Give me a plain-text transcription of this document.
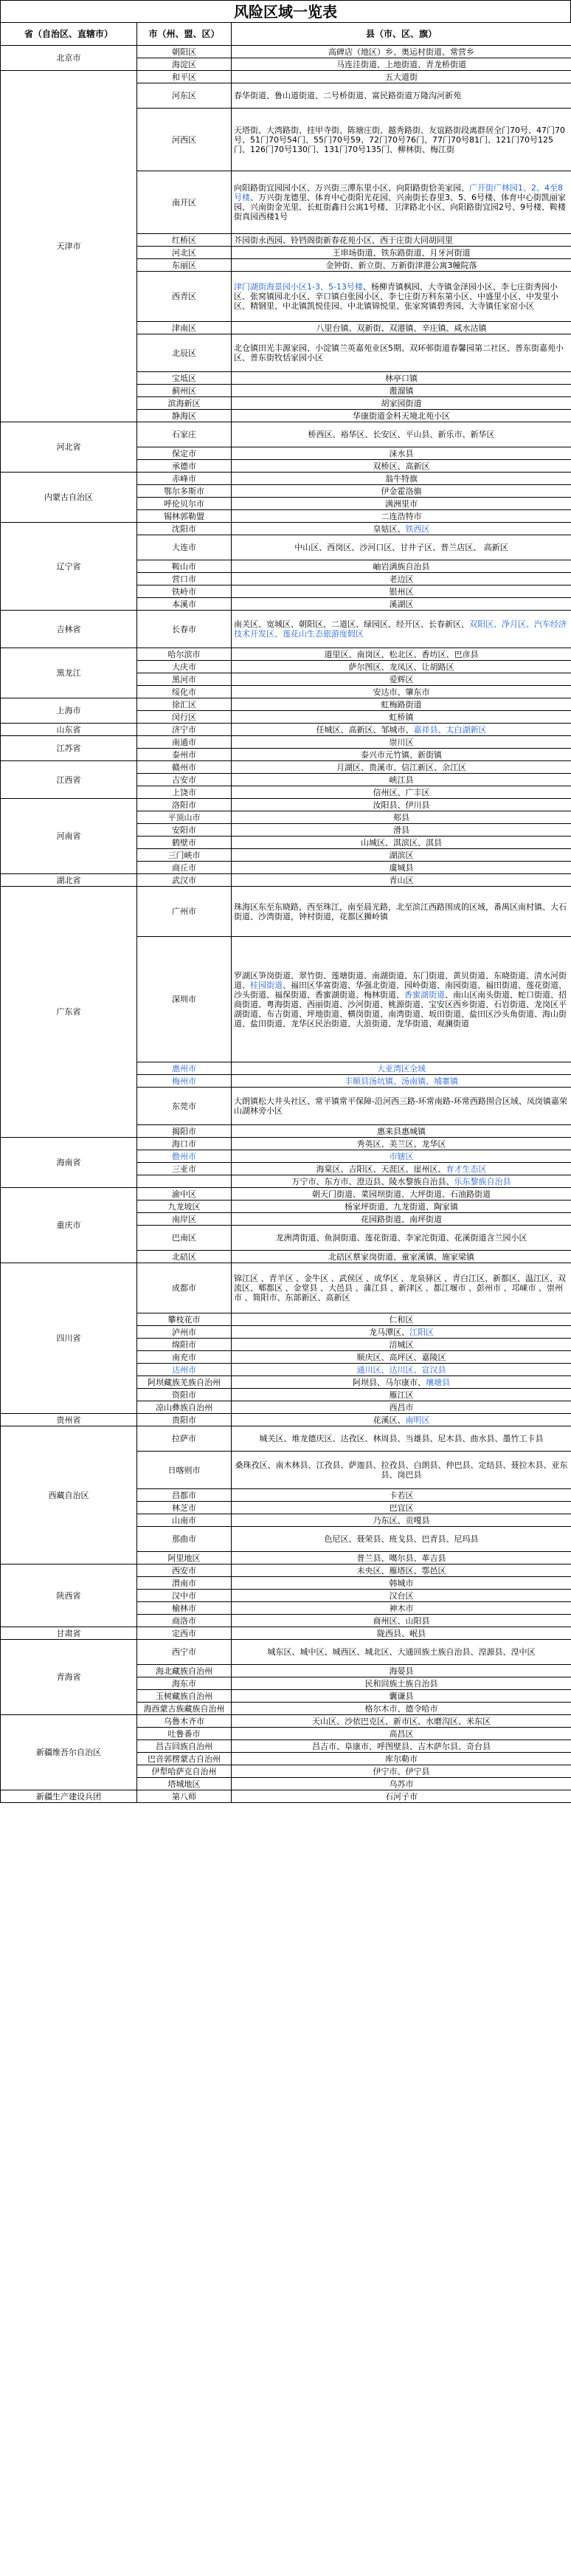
风险区域一览表
省（自治区、直辖市）	市（州、盟、区）	县（市、区、旗）
北京市	朝阳区	高碑店（地区）乡、奥运村街道、常营乡
	海淀区	马连洼街道、上地街道、青龙桥街道
天津市	和平区	五大道街
	河东区	春华街道、鲁山道街道、二号桥街道、富民路街道万隆沟河新苑
	河西区	天塔街、大湾路街、挂甲寺街、陈塘庄街、越秀路街、友谊路街段离群居全门70号、47门70号、51门70号54门、55门70号59、72门70号76门、77门70号81门、121门70号125门、126门70号130门、131门70号135门、柳林街、梅江街
	南开区	向阳路街宜园园小区、万兴街三潭东里小区、向阳路街恰美家园、广开街广林园1、2、4至8号楼、万兴街龙德里、体育中心街阳光花园、兴南街长春里3、5、6号楼、体育中心街凯丽家园、兴南街金光里、长虹街鑫日公寓1号楼、卫津路北小区、向阳路街宜园2号、9号楼、鞍楼街真园西楼1号
	红桥区	芥园街永西园、铃铛阁街新春花苑小区、西于庄街大同胡同里
	河北区	王串场街道、铁东路街道、月牙河街道
	东丽区	金钟街、新立街、万新街津港公寓3幢院落
	西青区	津门湖街海景园小区1-3、5-13号楼、杨柳青镇枫园、大寺镇金泽园小区、李七庄街秀园小区、张窝镇园北小区、辛口镇白张园小区、李七庄街万科东第小区、中盛里小区、中发里小区、精钢里、中北镇凯悦佳园、中北镇锦悦里、张家窝镇碧秀园、大寺镇任家窑小区
	津南区	八里台镇、双新街、双港镇、辛庄镇、咸水沽镇
	北辰区	北仓镇田光丰源家园、小淀镇兰英嘉苑业区5期、双环邨街道春馨园第二社区、普东街嘉苑小区、普东街牧恬家园小区
	宝坻区	林亭口镇
	蓟州区	溵溜镇
	滨海新区	胡家园街道
	静海区	华康街道金科天境北苑小区
河北省	石家庄	桥西区、裕华区、长安区、平山县、新乐市、新华区
	保定市	涞水县
	承德市	双桥区、高新区
内蒙古自治区	赤峰市	翁牛特旗
	鄂尔多斯市	伊金霍洛旗
	呼伦贝尔市	满洲里市
	锡林郭勒盟	二连浩特市
辽宁省	沈阳市	皇姑区、铁西区
	大连市	中山区、西岗区、沙河口区、甘井子区、普兰店区、 高新区
	鞍山市	岫岩满族自治县
	营口市	老边区
	铁岭市	银州区
	本溪市	溪湖区
吉林省	长春市	南关区、宽城区、朝阳区、二道区、绿园区、经开区、长春新区、双阳区、净月区、汽车经济技术开发区、莲花山生态旅游度假区
黑龙江	哈尔滨市	道里区、南岗区、松北区、香坊区、巴彦县
	大庆市	萨尔图区、龙凤区、让胡路区
	黑河市	爱辉区
	绥化市	安达市、肇东市
上海市	徐汇区	虹梅路街道
	闵行区	虹桥镇
山东省	济宁市	任城区、高新区、邹城市、嘉祥县、太白湖新区
江苏省	南通市	崇川区
	泰州市	泰兴市元竹镇、新街镇
江西省	赣州市	月湖区、贵溪市、信江新区、余江区
	吉安市	峡江县
	上饶市	信州区、广丰区
河南省	洛阳市	汝阳县、伊川县
	平顶山市	郏县
	安阳市	滑县
	鹤壁市	山城区、淇滨区、淇县
	三门峡市	湖滨区
	商丘市	虞城县
湖北省	武汉市	青山区
广东省	广州市	珠海区东至东晓路，西至珠江，南至晨光路，北至滨江西路围成的区域，番禺区南村镇、大石街道、沙湾街道，钟村街道，花都区狮岭镇
	深圳市	罗湖区笋岗街道、翠竹街、莲塘街道、南湖街道、东门街道、黄贝街道、东晓街道、清水河街道、桂园街道、福田区华富街道、华强北街道、园岭街道、南园街道、福田街道、莲花街道、沙头街道、福保街道、香蜜湖街道、梅林街道、香蜜湖街道、南山区南头街道、蛇口街道、招商街道、粤海街道、西丽街道、沙河街道、桃源街道、宝安区西乡街道、石岩街道、龙岗区平湖街道、布吉街道、坪地街道、横岗街道、南湾街道、坂田街道、盐田区沙头角街道、海山街道、盐田街道、龙华区民治街道、大浪街道、龙华街道、观澜街道
	惠州市	大亚湾区全域
	梅州市	丰顺县汤坑镇、汤南镇、埔寨镇
	东莞市	大朗镇松大井头社区、常平镇常平保障-沿河西三路-环常南路-环常西路围合区域、凤岗镇嘉荣山湖林旁小区
	揭阳市	惠来县惠城镇
海南省	海口市	秀英区、美兰区、龙华区
	儋州市	市辖区
	三亚市	海棠区、吉阳区、天涯区、崖州区、育才生态区
		万宁市、东方市、澄迈县、陵水黎族自治县、乐东黎族自治县
重庆市	渝中区	朝天门街道、菜园坝街道、大坪街道、石油路街道
	九龙坡区	杨家坪街道、九龙街道、陶家镇
	南岸区	花园路街道、南坪街道
	巴南区	龙洲湾街道、鱼洞街道、莲花街道、李家沱街道、花溪街道含兰园小区
	北碚区	北碚区蔡家岗街道、童家溪镇、施家梁镇
四川省	成都市	锦江区 、青羊区 、金牛区 、武侯区 、成华区 、龙泉驿区 、青白江区、新都区、温江区、双流区、郫都区 、金堂县 、大邑县 、蒲江县 、新津区 、都江堰市 、彭州市 、邛崃市 、崇州市 、简阳市、东部新区、高新区
	攀枝花市	仁和区
	泸州市	龙马潭区、江阳区
	绵阳市	涪城区
	南充市	顺庆区、高坪区、嘉陵区
	达州市	通川区、达川区、宣汉县
	阿坝藏族羌族自治州	阿坝县、马尔康市、壤塘县
	资阳市	雁江区
	凉山彝族自治州	西昌市
贵州省	贵阳市	花溪区、南明区
西藏自治区	拉萨市	城关区、堆龙德庆区、达孜区、林周县、当雄县、尼木县、曲水县、墨竹工卡县
	日喀则市	桑珠孜区、南木林县、江孜县、萨迦县、拉孜县、白朗县、仲巴县、定结县、聂拉木县、亚东县、岗巴县
	昌都市	卡若区
	林芝市	巴宜区
	山南市	乃东区、贡嘎县
	那曲市	色尼区、聂荣县、班戈县、巴青县、尼玛县
	阿里地区	普兰县、噶尔县、革吉县
陕西省	西安市	未央区、雁塔区、鄠邑区
	渭南市	韩城市
	汉中市	汉台区
	榆林市	神木市
	商洛市	商州区、山阳县
甘肃省	定西市	陇西县、岷县
青海省	西宁市	城东区、城中区、城西区、城北区、大通回族土族自治县、湟源县、湟中区
	海北藏族自治州	海晏县
	海东市	民和回族土族自治县
	玉树藏族自治州	囊谦县
	海西蒙古族藏族自治州	格尔木市、德令哈市
新疆维吾尔自治区	乌鲁木齐市	天山区、沙依巴克区、新市区、水磨沟区、米东区
	吐鲁番市	高昌区
	昌吉回族自治州	昌吉市、阜康市、呼图壁县、吉木萨尔县、奇台县
	巴音郭楞蒙古自治州	库尔勒市
	伊犁哈萨克自治州	伊宁市、伊宁县
	塔城地区	乌苏市
新疆生产建设兵团	第八师	石河子市
